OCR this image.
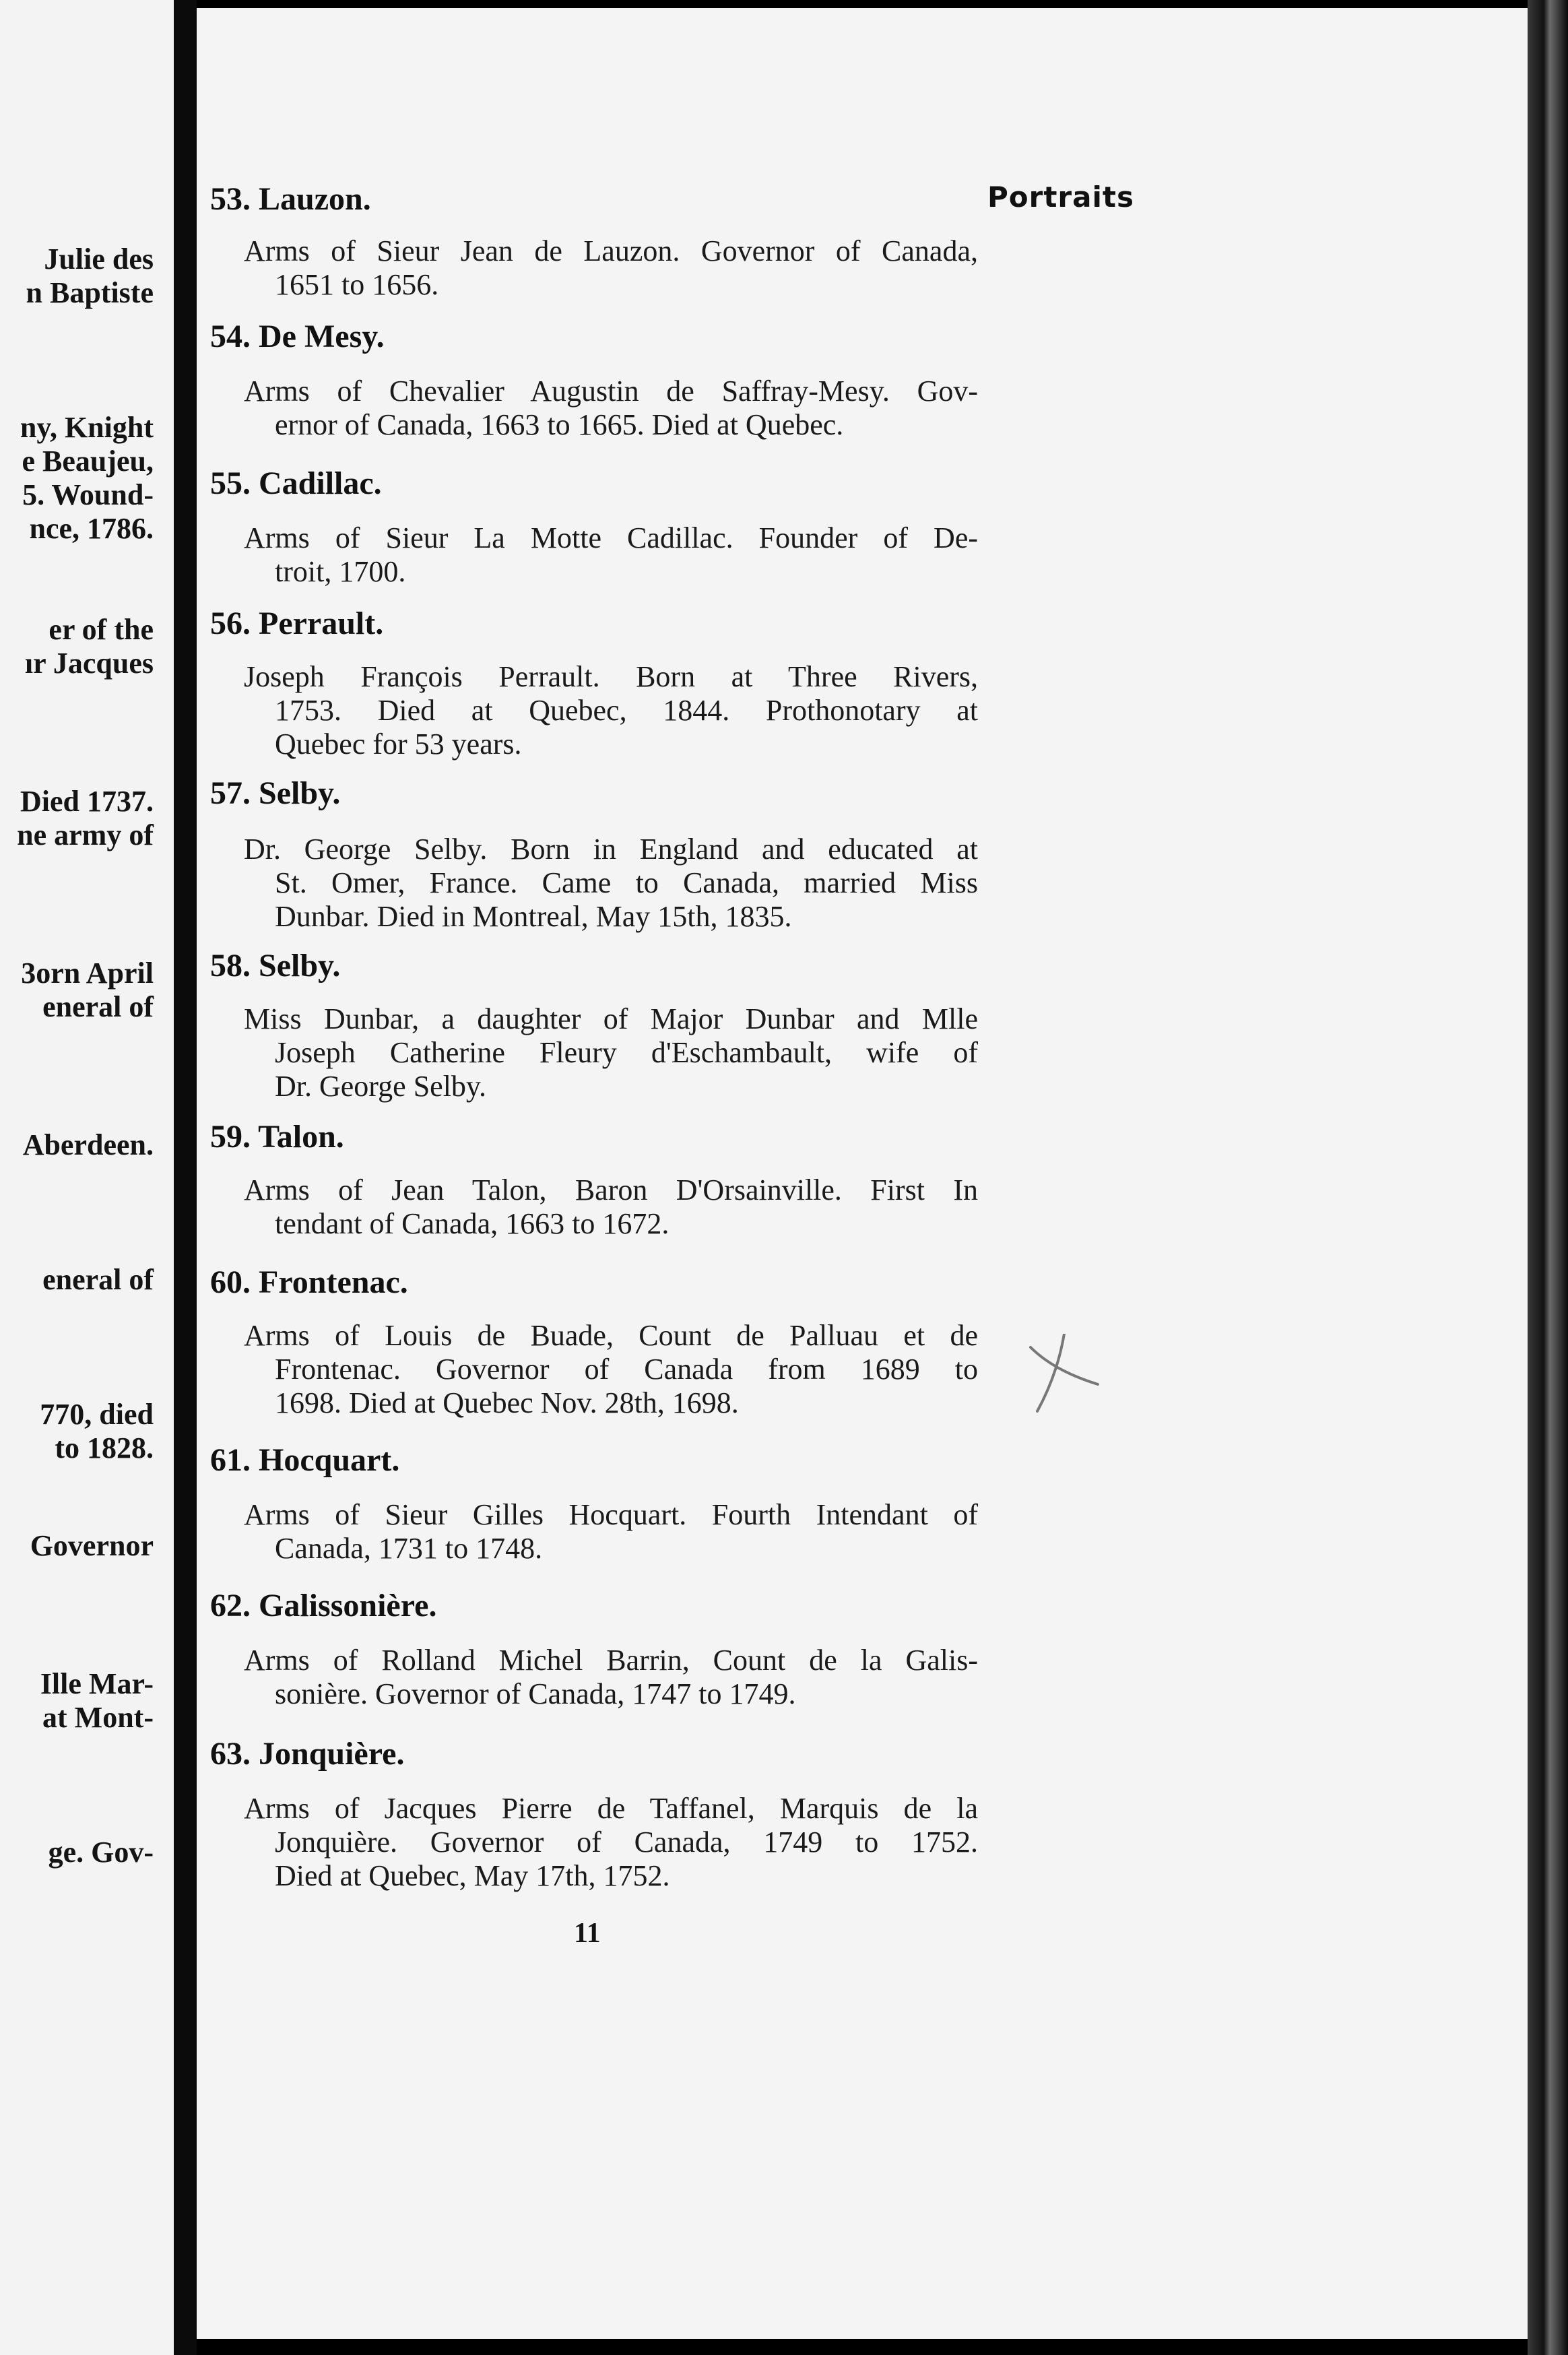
Julie des
n Baptiste
ny, Knight
e Beaujeu,
5. Wound-
nce, 1786.
er of the
ır Jacques
Died 1737.
ne army of
3orn April
eneral of
Aberdeen.
eneral of
770, died
to 1828.
Governor
Ille Mar-
at Mont-
ge. Gov-
Portraits
53. Lauzon.
Arms of Sieur Jean de Lauzon. Governor of Canada,
1651 to 1656.
54. De Mesy.
Arms of Chevalier Augustin de Saffray-Mesy. Gov-
ernor of Canada, 1663 to 1665. Died at Quebec.
55. Cadillac.
Arms of Sieur La Motte Cadillac. Founder of De-
troit, 1700.
56. Perrault.
Joseph François Perrault. Born at Three Rivers,
1753. Died at Quebec, 1844. Prothonotary at
Quebec for 53 years.
57. Selby.
Dr. George Selby. Born in England and educated at
St. Omer, France. Came to Canada, married Miss
Dunbar. Died in Montreal, May 15th, 1835.
58. Selby.
Miss Dunbar, a daughter of Major Dunbar and Mlle
Joseph Catherine Fleury d'Eschambault, wife of
Dr. George Selby.
59. Talon.
Arms of Jean Talon, Baron D'Orsainville. First In
tendant of Canada, 1663 to 1672.
60. Frontenac.
Arms of Louis de Buade, Count de Palluau et de
Frontenac. Governor of Canada from 1689 to
1698. Died at Quebec Nov. 28th, 1698.
61. Hocquart.
Arms of Sieur Gilles Hocquart. Fourth Intendant of
Canada, 1731 to 1748.
62. Galissonière.
Arms of Rolland Michel Barrin, Count de la Galis-
sonière. Governor of Canada, 1747 to 1749.
63. Jonquière.
Arms of Jacques Pierre de Taffanel, Marquis de la
Jonquière. Governor of Canada, 1749 to 1752.
Died at Quebec, May 17th, 1752.
11
